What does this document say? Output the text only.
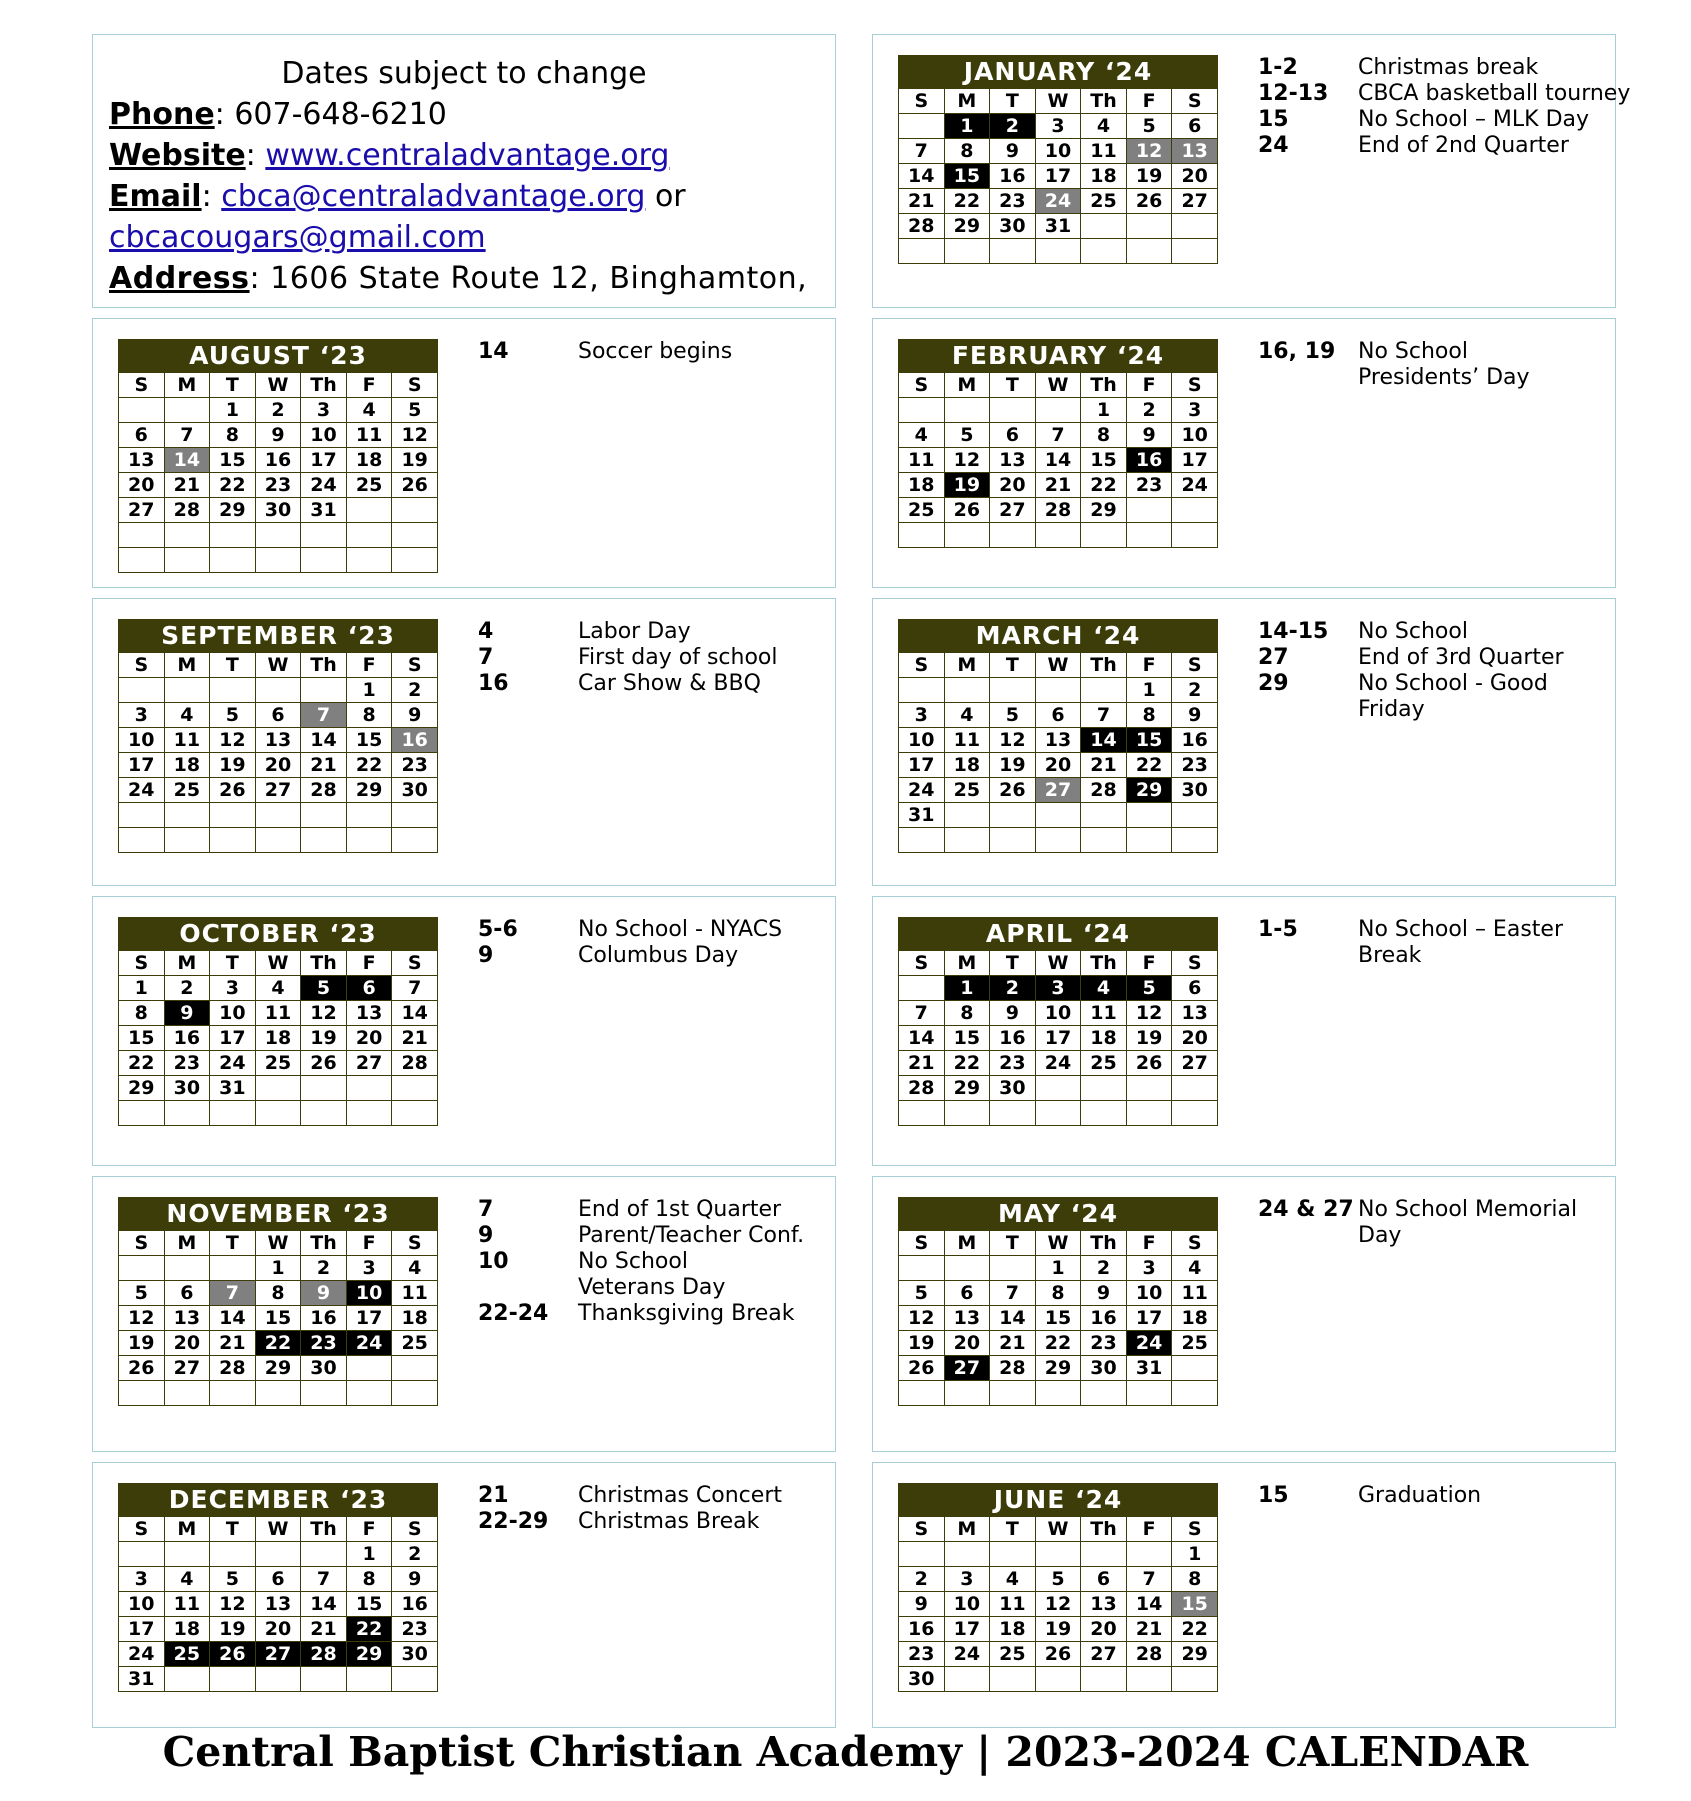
Dates subject to change
Phone: 607-648-6210
Website: www.centraladvantage.org
Email: cbca@centraladvantage.org or
cbcacougars@gmail.com
Address: 1606 State Route 12, Binghamton,
AUGUST ‘23
S	M	T	W	Th	F	S
		1	2	3	4	5
6	7	8	9	10	11	12
13	14	15	16	17	18	19
20	21	22	23	24	25	26
27	28	29	30	31		

14	Soccer begins
SEPTEMBER ‘23
S	M	T	W	Th	F	S
					1	2
3	4	5	6	7	8	9
10	11	12	13	14	15	16
17	18	19	20	21	22	23
24	25	26	27	28	29	30

4	Labor Day
7	First day of school
16	Car Show & BBQ
OCTOBER ‘23
S	M	T	W	Th	F	S
1	2	3	4	5	6	7
8	9	10	11	12	13	14
15	16	17	18	19	20	21
22	23	24	25	26	27	28
29	30	31				

5-6	No School - NYACS
9	Columbus Day
NOVEMBER ‘23
S	M	T	W	Th	F	S
			1	2	3	4
5	6	7	8	9	10	11
12	13	14	15	16	17	18
19	20	21	22	23	24	25
26	27	28	29	30		

7	End of 1st Quarter
9	Parent/Teacher Conf.
10	No School
Veterans Day
22-24	Thanksgiving Break
DECEMBER ‘23
S	M	T	W	Th	F	S
					1	2
3	4	5	6	7	8	9
10	11	12	13	14	15	16
17	18	19	20	21	22	23
24	25	26	27	28	29	30
31						
21	Christmas Concert
22-29	Christmas Break
JANUARY ‘24
S	M	T	W	Th	F	S
	1	2	3	4	5	6
7	8	9	10	11	12	13
14	15	16	17	18	19	20
21	22	23	24	25	26	27
28	29	30	31			

1-2	Christmas break
12-13	CBCA basketball tourney
15	No School – MLK Day
24	End of 2nd Quarter
FEBRUARY ‘24
S	M	T	W	Th	F	S
				1	2	3
4	5	6	7	8	9	10
11	12	13	14	15	16	17
18	19	20	21	22	23	24
25	26	27	28	29		

16, 19	No School
Presidents’ Day
MARCH ‘24
S	M	T	W	Th	F	S
					1	2
3	4	5	6	7	8	9
10	11	12	13	14	15	16
17	18	19	20	21	22	23
24	25	26	27	28	29	30
31						

14-15	No School
27	End of 3rd Quarter
29	No School - Good
Friday
APRIL ‘24
S	M	T	W	Th	F	S
	1	2	3	4	5	6
7	8	9	10	11	12	13
14	15	16	17	18	19	20
21	22	23	24	25	26	27
28	29	30				

1-5	No School – Easter
Break
MAY ‘24
S	M	T	W	Th	F	S
			1	2	3	4
5	6	7	8	9	10	11
12	13	14	15	16	17	18
19	20	21	22	23	24	25
26	27	28	29	30	31	

24 & 27 No School Memorial
Day
JUNE ‘24
S	M	T	W	Th	F	S
						1
2	3	4	5	6	7	8
9	10	11	12	13	14	15
16	17	18	19	20	21	22
23	24	25	26	27	28	29
30						
15	Graduation
Central Baptist Christian Academy | 2023-2024 CALENDAR
